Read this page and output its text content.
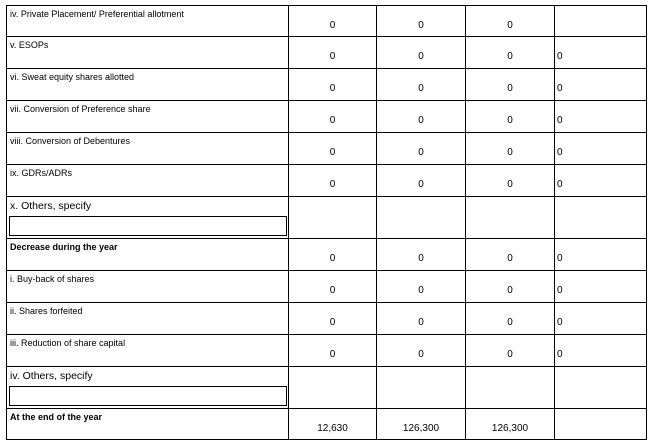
iv. Private Placement/ Preferential allotment	0	0	0	
v. ESOPs	0	0	0	0
vi. Sweat equity shares allotted	0	0	0	0
vii. Conversion of Preference share	0	0	0	0
viii. Conversion of Debentures	0	0	0	0
ix. GDRs/ADRs	0	0	0	0
x. Others, specify

Decrease during the year	0	0	0	0
i. Buy-back of shares	0	0	0	0
ii. Shares forfeited	0	0	0	0
iii. Reduction of share capital	0	0	0	0
iv. Others, specify

At the end of the year	12,630	126,300	126,300	
